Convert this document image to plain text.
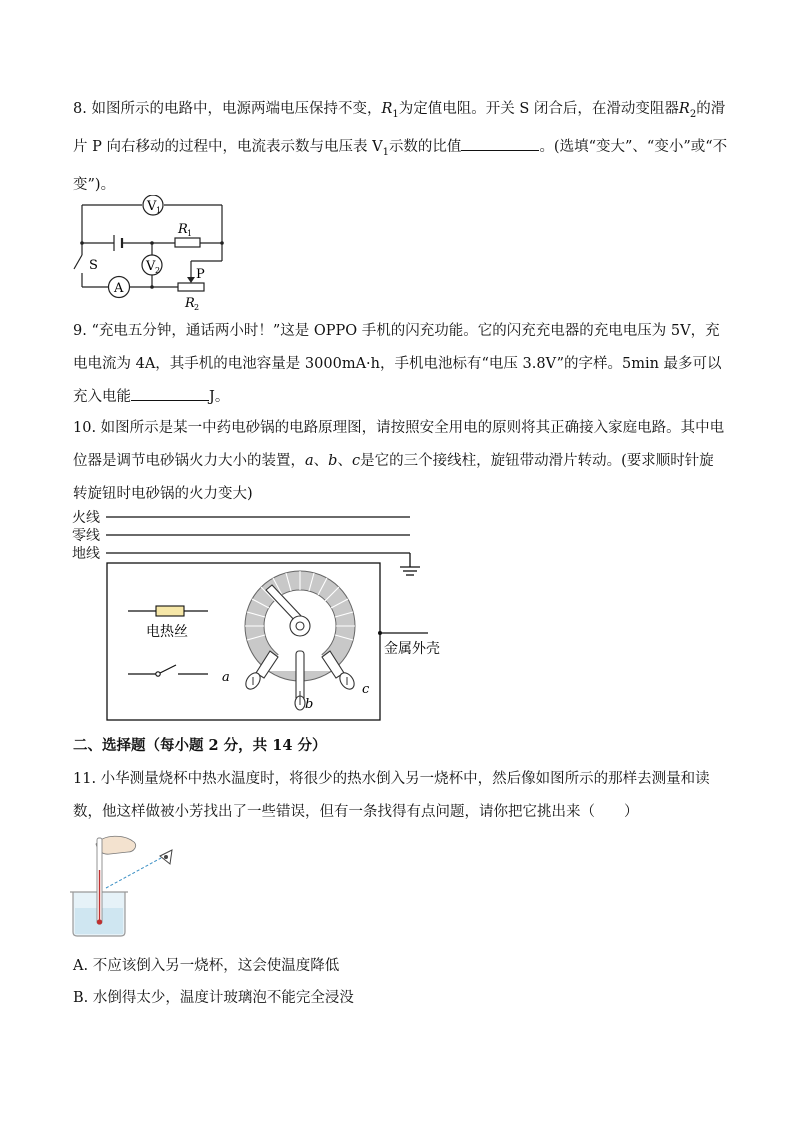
8. 如图所示的电路中，电源两端电压保持不变，$R_1$为定值电阻。开关 S 闭合后，在滑动变阻器$R_2$的滑片 P 向右移动的过程中，电流表示数与电压表 $V_1$示数的比值	。(选填“变大”、“变小”或“不变”)。
V 1
V 2
A
R 1
R 2
S
P
9. “充电五分钟，通话两小时！”这是 OPPO 手机的闪充功能。它的闪充充电器的充电电压为 5V，充电电流为 4A，其手机的电池容量是 3000mA·h，手机电池标有“电压 3.8V”的字样。5min 最多可以充入电能	J。
10. 如图所示是某一中药电砂锅的电路原理图，请按照安全用电的原则将其正确接入家庭电路。其中电位器是调节电砂锅火力大小的装置，a、b、c是它的三个接线柱，旋钮带动滑片转动。(要求顺时针旋转旋钮时电砂锅的火力变大)
火线
零线
地线
金属外壳
电热丝
a
b
c
二、选择题（每小题 2 分，共 14 分）
11. 小华测量烧杯中热水温度时，将很少的热水倒入另一烧杯中，然后像如图所示的那样去测量和读数，他这样做被小芳找出了一些错误，但有一条找得有点问题，请你把它挑出来（　　）
A. 不应该倒入另一烧杯，这会使温度降低
B. 水倒得太少，温度计玻璃泡不能完全浸没
